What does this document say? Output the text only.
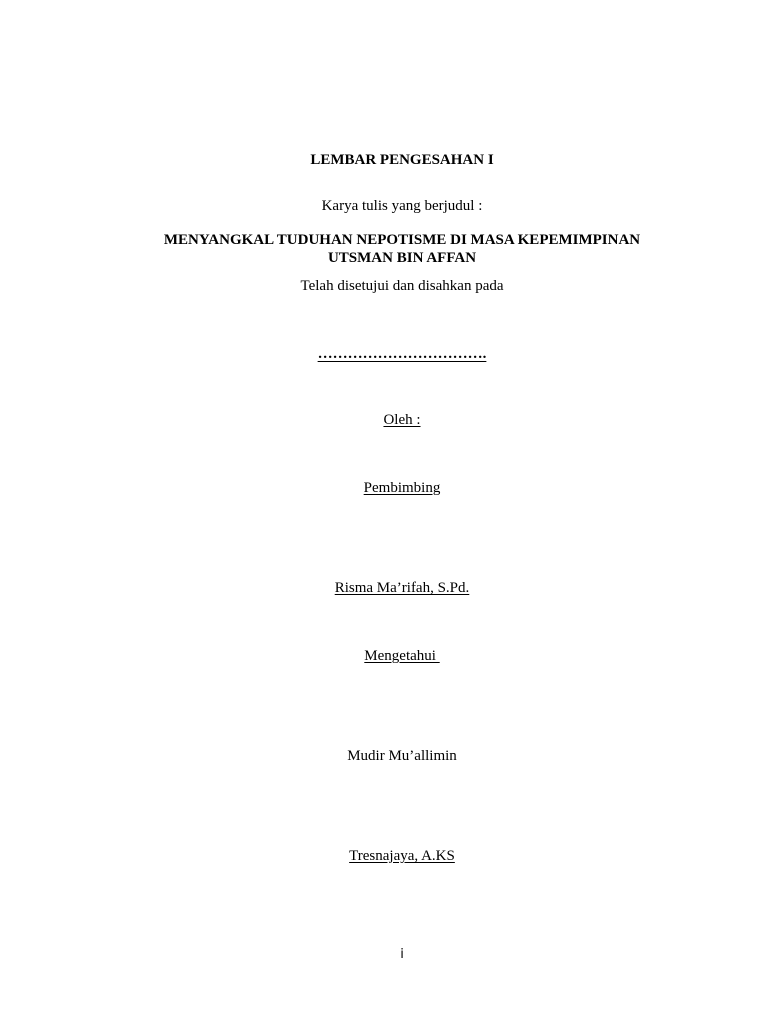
LEMBAR PENGESAHAN I
Karya tulis yang berjudul :
MENYANGKAL TUDUHAN NEPOTISME DI MASA KEPEMIMPINAN
UTSMAN BIN AFFAN
Telah disetujui dan disahkan pada
…………………………….
Oleh :
Pembimbing
Risma Ma’rifah, S.Pd.
Mengetahui
Mudir Mu’allimin
Tresnajaya, A.KS
i
